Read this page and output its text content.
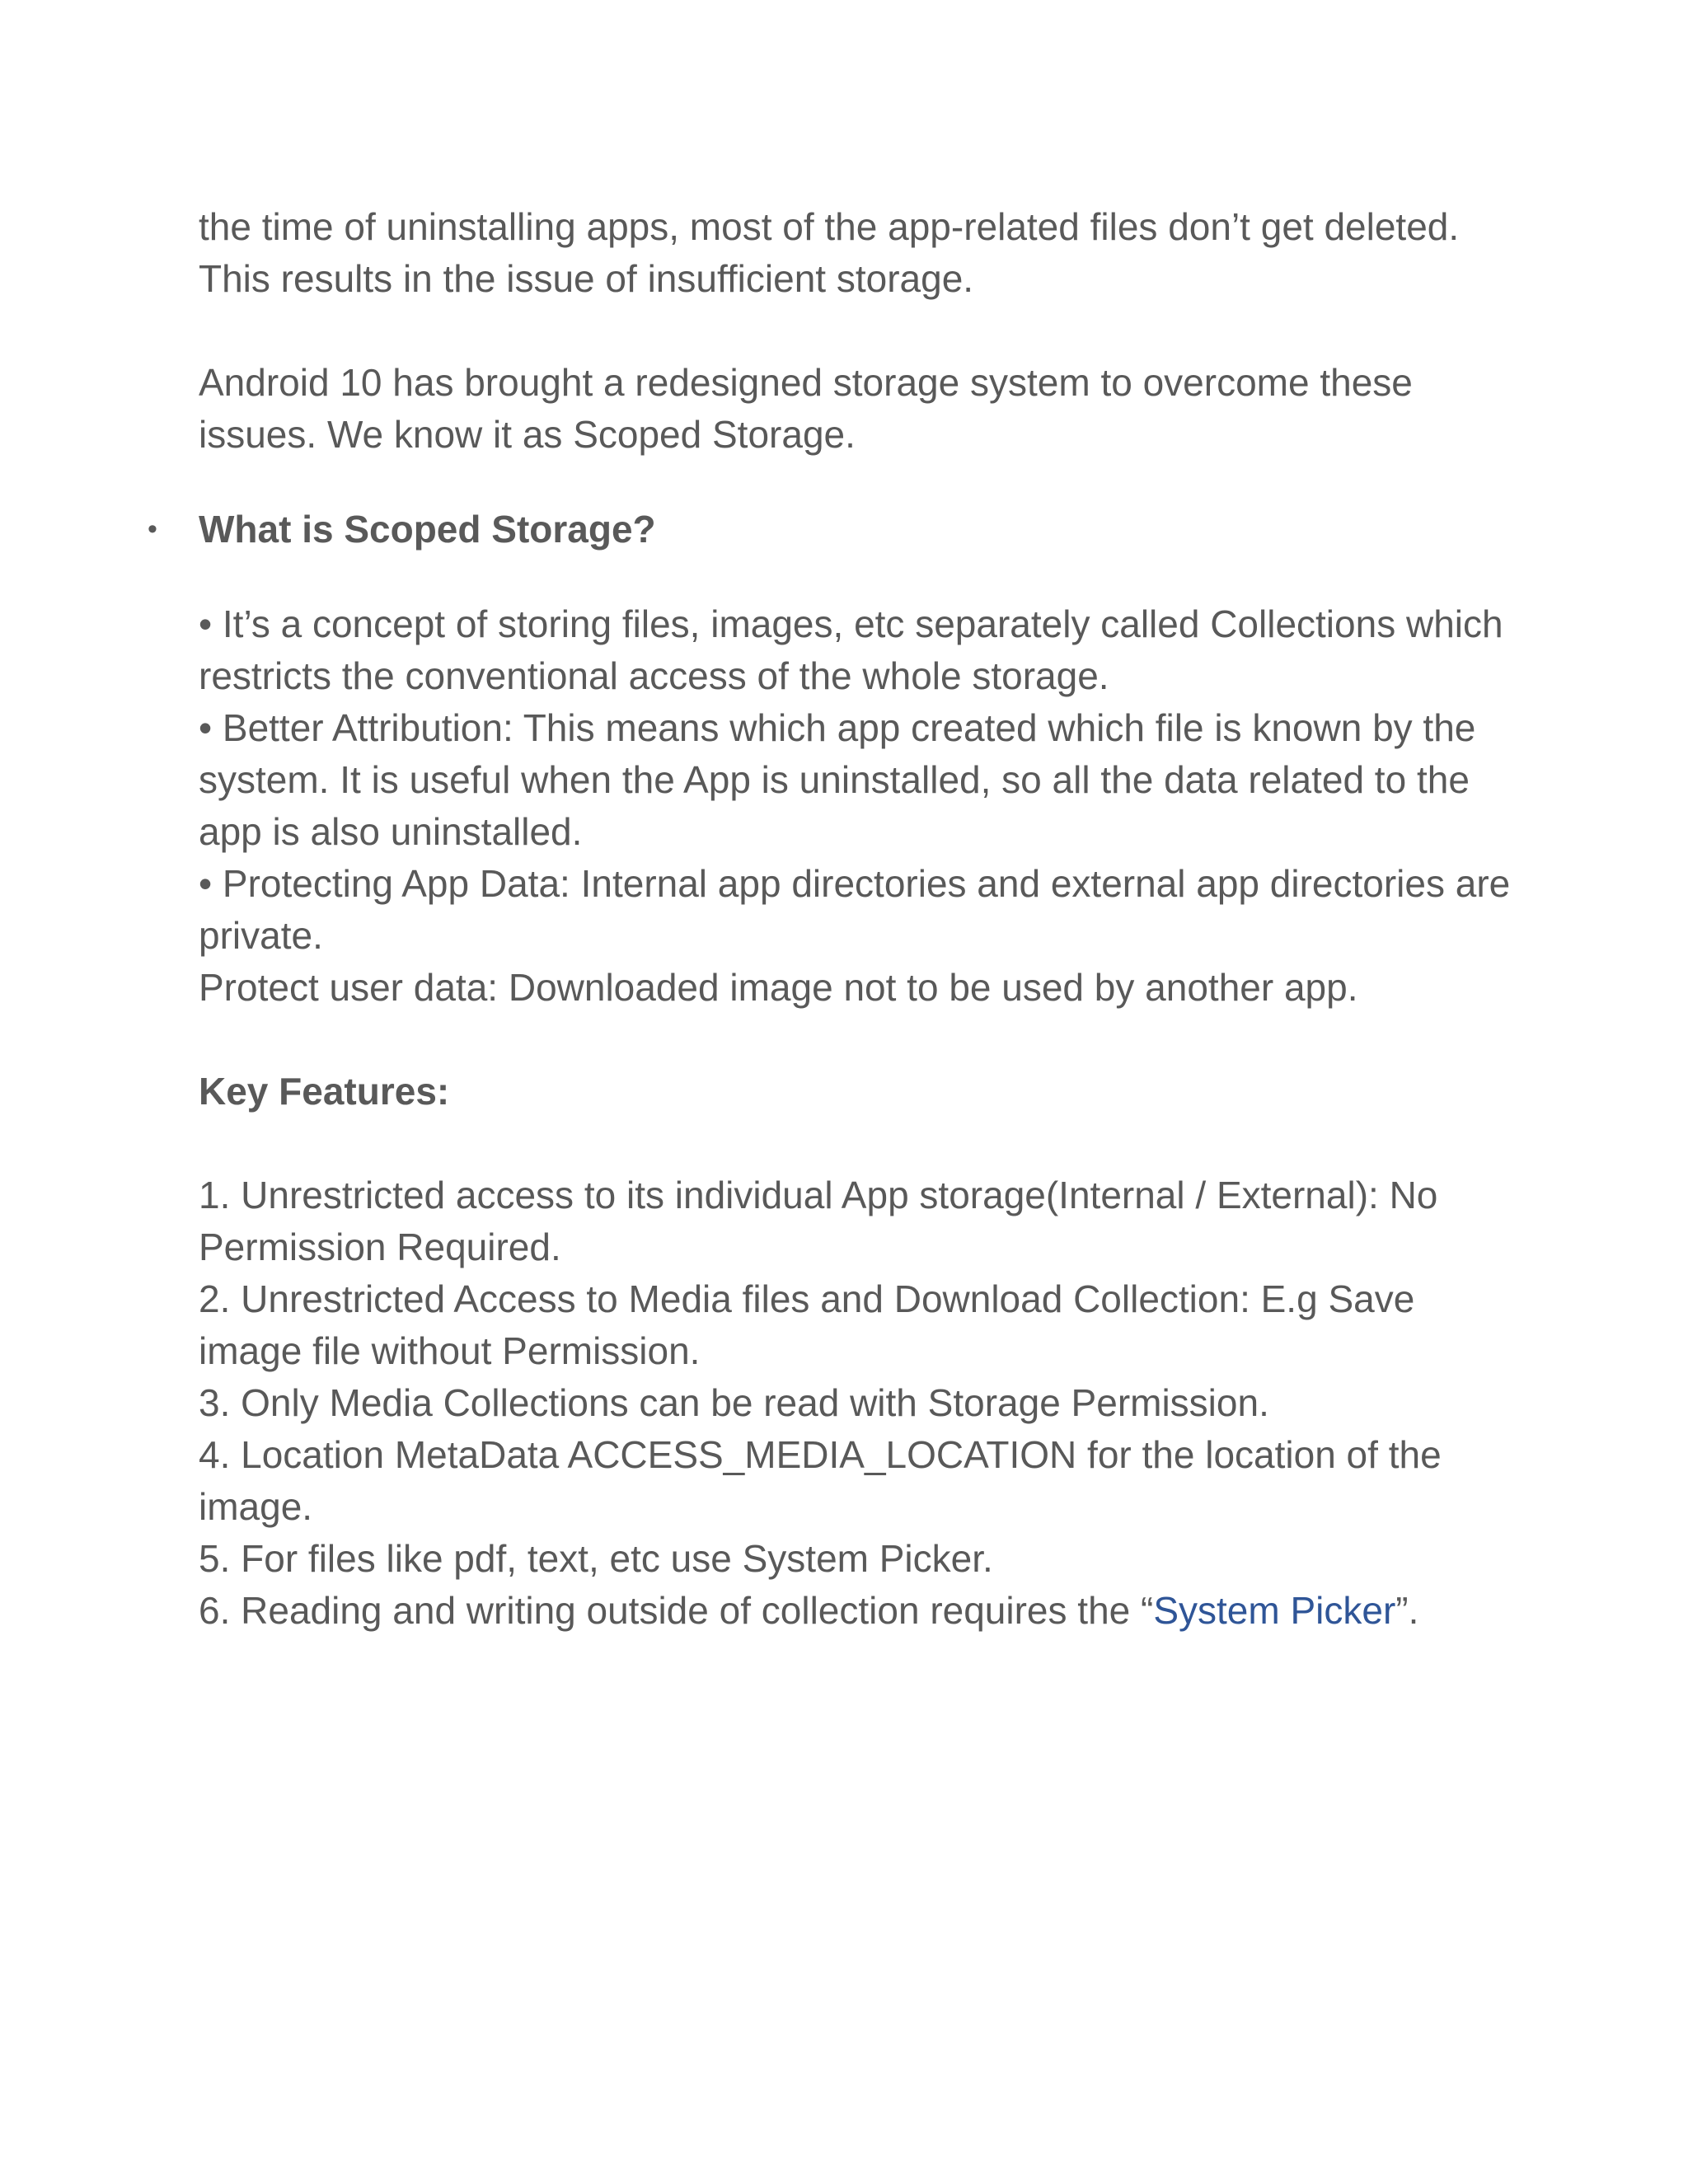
the time of uninstalling apps, most of the app-related files don’t get deleted.
This results in the issue of insufficient storage.

Android 10 has brought a redesigned storage system to overcome these
issues. We know it as Scoped Storage.

• What is Scoped Storage?

• It’s a concept of storing files, images, etc separately called Collections which
restricts the conventional access of the whole storage.
• Better Attribution: This means which app created which file is known by the
system. It is useful when the App is uninstalled, so all the data related to the
app is also uninstalled.
• Protecting App Data: Internal app directories and external app directories are
private.
Protect user data: Downloaded image not to be used by another app.

Key Features:

1. Unrestricted access to its individual App storage(Internal / External): No
Permission Required.
2. Unrestricted Access to Media files and Download Collection: E.g Save
image file without Permission.
3. Only Media Collections can be read with Storage Permission.
4. Location MetaData ACCESS_MEDIA_LOCATION for the location of the
image.
5. For files like pdf, text, etc use System Picker.
6. Reading and writing outside of collection requires the “System Picker”.
